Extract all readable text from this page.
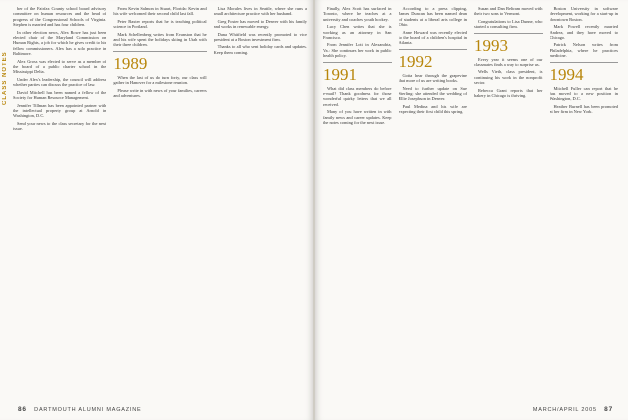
CLASS NOTES

ber of the Fairfax County school board advisory committee on human resources and the head of progress of the Congressional Schools of Virginia. Stephen is married and has four children.

In other election news, Alex Rowe has just been elected chair of the Maryland Commission on Human Rights, a job for which he gives credit to his fellow commissioners. Alex has a solo practice in Baltimore.

Alex Gross was elected to serve as a member of the board of a public charter school in the Mississippi Delta.

Under Alex's leadership, the council will address whether parties can discuss the practice of law.

David Mitchell has been named a fellow of the Society for Human Resource Management.

Jennifer Tillman has been appointed partner with the intellectual property group at Arnold in Washington, D.C.

Send your news to the class secretary for the next issue.

From Kevin Salmon in Stuart, Florida: Kevin and his wife welcomed their second child last fall.

Peter Baxter reports that he is teaching political science in Portland.

Mark Schellenberg writes from Evanston that he and his wife spent the holidays skiing in Utah with their three children.

1989

When the last of us do turn forty, our class will gather in Hanover for a milestone reunion.

Please write in with news of your families, careers and adventures.

Lisa Morales lives in Seattle, where she runs a small architecture practice with her husband.

Greg Foster has moved to Denver with his family and works in renewable energy.

Dana Whitfield was recently promoted to vice president at a Boston investment firm.

Thanks to all who sent holiday cards and updates. Keep them coming.

86 DARTMOUTH ALUMNI MAGAZINE

Finally, Alex Scott has surfaced in Toronto, where he teaches at a university and coaches youth hockey.

Lucy Chen writes that she is working as an attorney in San Francisco.

From Jennifer Lott in Alexandria, Va.: She continues her work in public health policy.

1991

What did class members do before e-mail? Thank goodness for those wonderful quirky letters that we all received.

Many of you have written in with family news and career updates. Keep the notes coming for the next issue.

According to a press clipping, James Duncan has been named dean of students at a liberal arts college in Ohio.

Anne Howard was recently elected to the board of a children's hospital in Atlanta.

1992

Gotta hear through the grapevine that more of us are writing books.

Need to further update on Sue Sterling: she attended the wedding of Ellie Josephson in Denver.

Paul Medina and his wife are expecting their first child this spring.

Susan and Dan Beltram moved with their two sons to Vermont.

Congratulations to Lisa Dunne, who started a consulting firm.

1993

Every year it seems one of our classmates finds a way to surprise us.

Wells Vieth, class president, is continuing his work in the nonprofit sector.

Rebecca Grant reports that her bakery in Chicago is thriving.

Boston University in software development, working for a start-up in downtown Boston.

Mark Powell recently married Andrea, and they have moved to Chicago.

Patrick Nelson writes from Philadelphia, where he practices medicine.

1994

Mitchell Fuller can report that he has moved to a new position in Washington, D.C.

Heather Burnell has been promoted at her firm in New York.

MARCH/APRIL 2005 87
